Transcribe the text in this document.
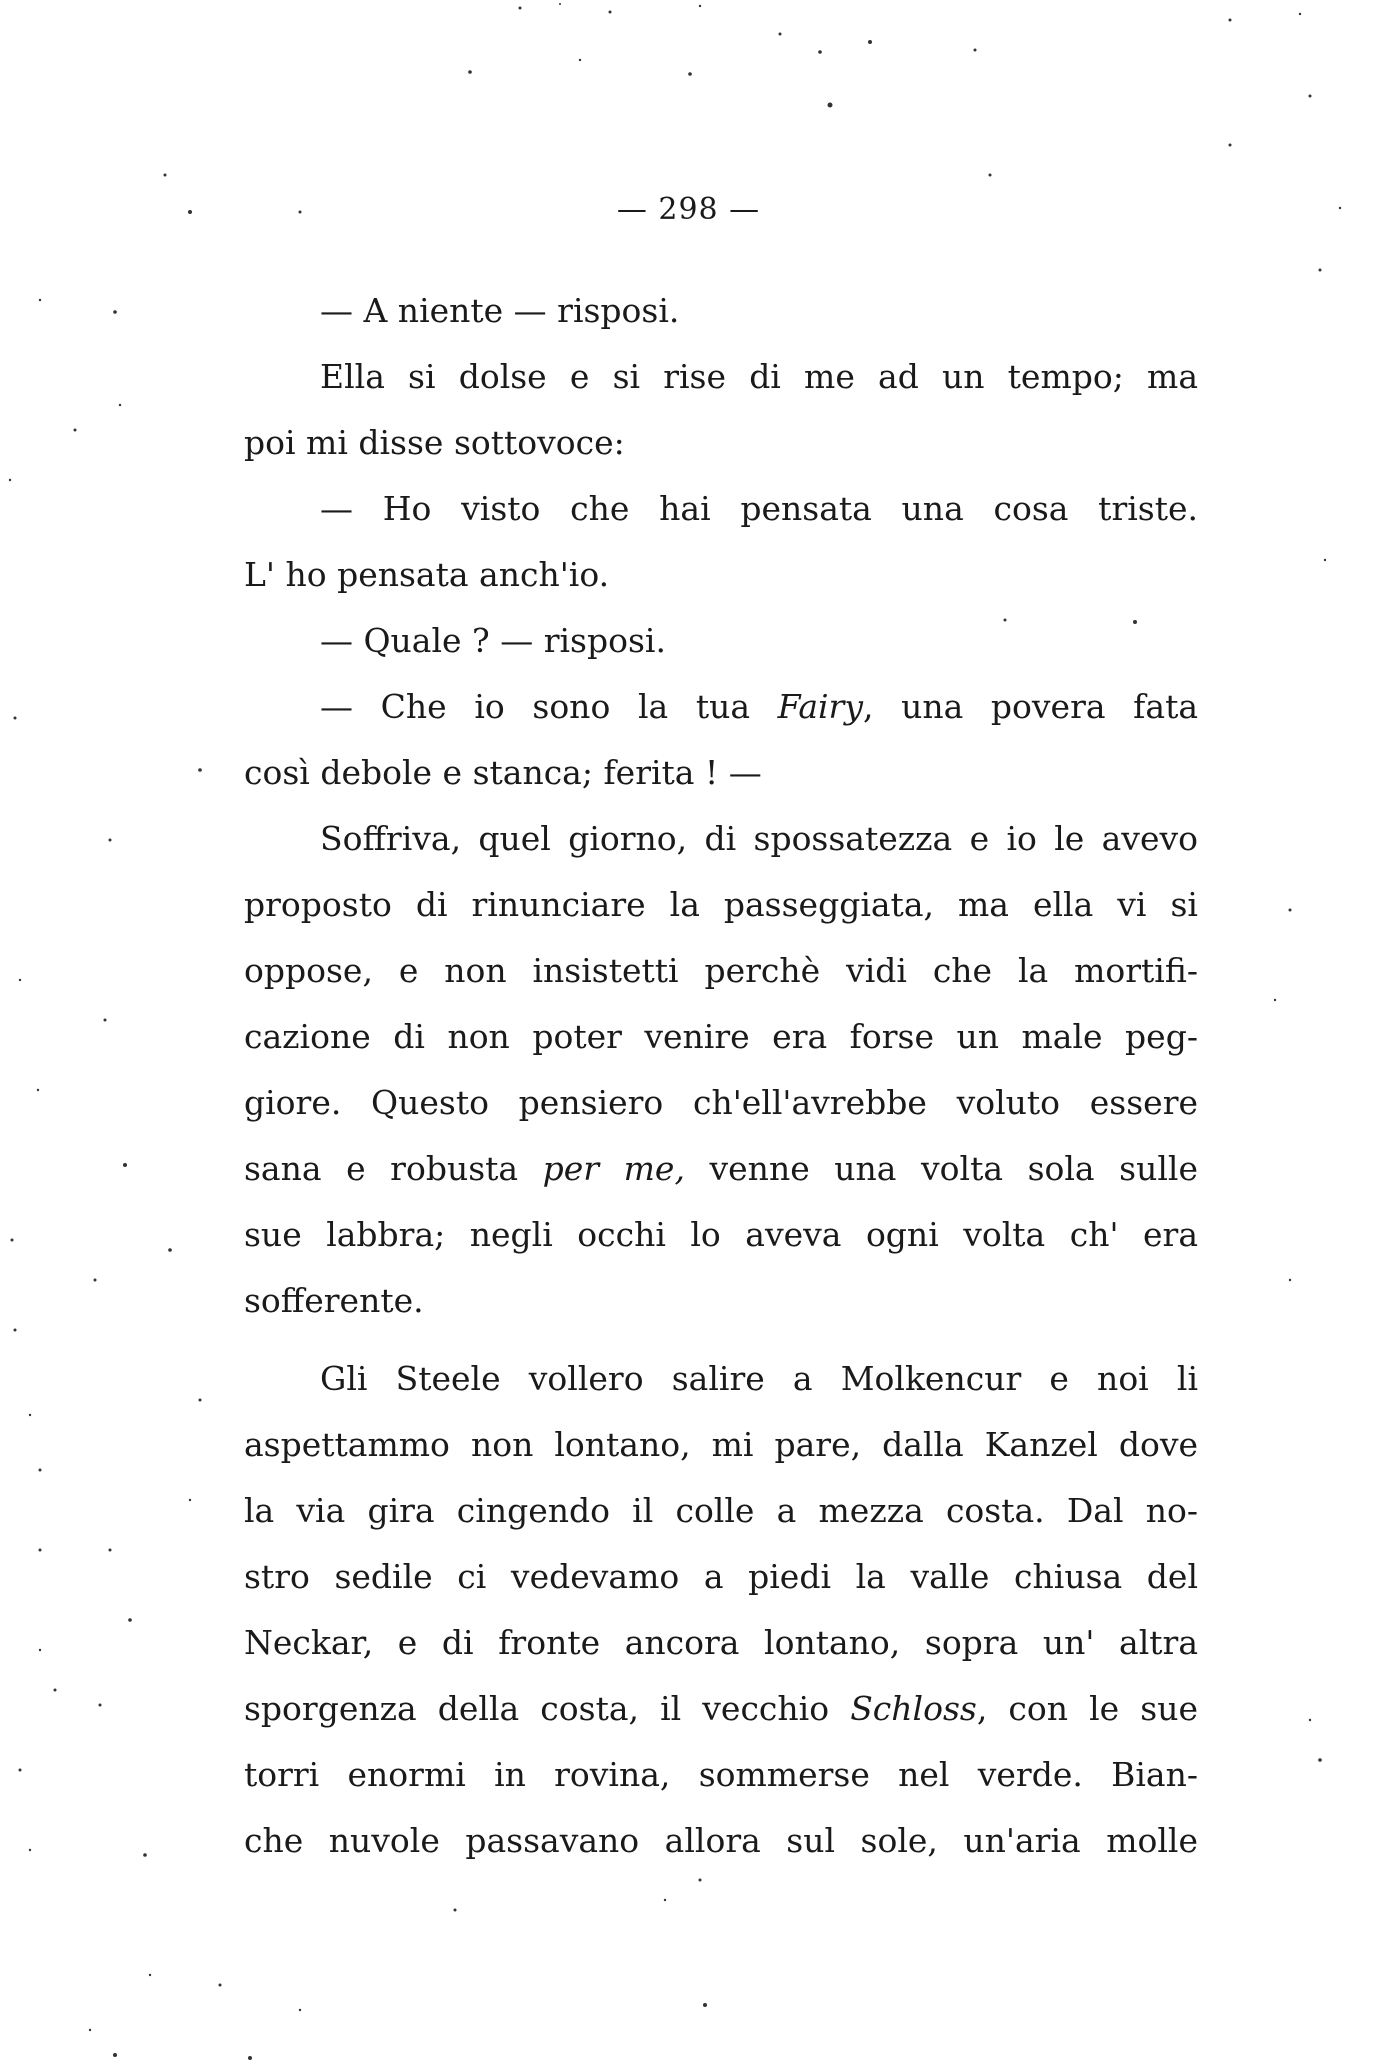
— 298 —
— A niente — risposi.
Ella si dolse e si rise di me ad un tempo; ma
poi mi disse sottovoce:
— Ho visto che hai pensata una cosa triste.
L' ho pensata anch'io.
— Quale ? — risposi.
— Che io sono la tua Fairy, una povera fata
così debole e stanca; ferita ! —
Soffriva, quel giorno, di spossatezza e io le avevo
proposto di rinunciare la passeggiata, ma ella vi si
oppose, e non insistetti perchè vidi che la mortifi-
cazione di non poter venire era forse un male peg-
giore. Questo pensiero ch'ell'avrebbe voluto essere
sana e robusta per me, venne una volta sola sulle
sue labbra; negli occhi lo aveva ogni volta ch' era
sofferente.
Gli Steele vollero salire a Molkencur e noi li
aspettammo non lontano, mi pare, dalla Kanzel dove
la via gira cingendo il colle a mezza costa. Dal no-
stro sedile ci vedevamo a piedi la valle chiusa del
Neckar, e di fronte ancora lontano, sopra un' altra
sporgenza della costa, il vecchio Schloss, con le sue
torri enormi in rovina, sommerse nel verde. Bian-
che nuvole passavano allora sul sole, un'aria molle
